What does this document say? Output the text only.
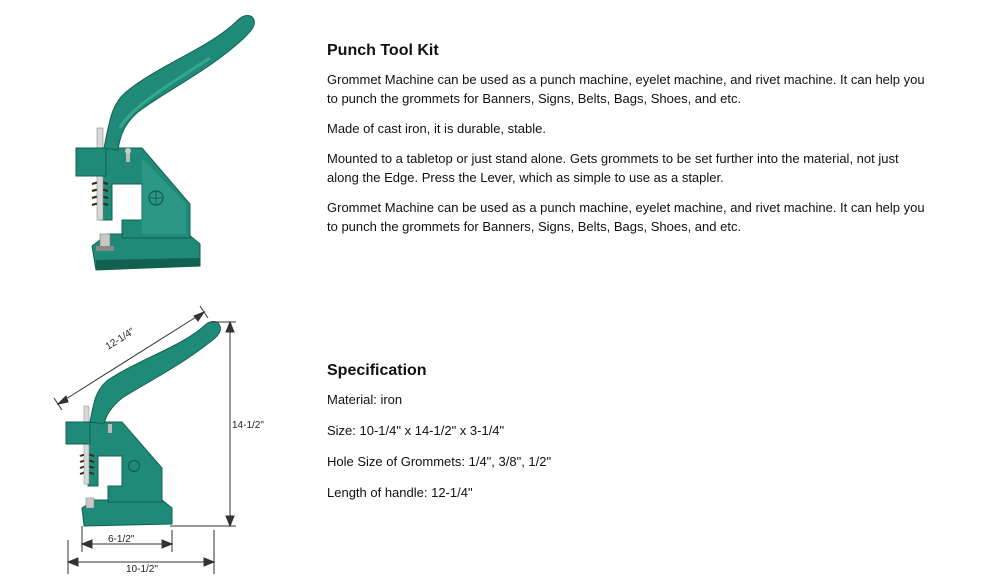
Punch Tool Kit

Grommet Machine can be used as a punch machine, eyelet machine, and rivet machine. It can help you to punch the grommets for Banners, Signs, Belts, Bags, Shoes, and etc.

Made of cast iron, it is durable, stable.

Mounted to a tabletop or just stand alone. Gets grommets to be set further into the material, not just along the Edge. Press the Lever, which as simple to use as a stapler.

Grommet Machine can be used as a punch machine, eyelet machine, and rivet machine. It can help you to punch the grommets for Banners, Signs, Belts, Bags, Shoes, and etc.

12-1/4"
14-1/2"
6-1/2"
10-1/2"
Specification

Material: iron

Size: 10-1/4" x 14-1/2" x 3-1/4"

Hole Size of Grommets: 1/4", 3/8", 1/2"

Length of handle: 12-1/4"
